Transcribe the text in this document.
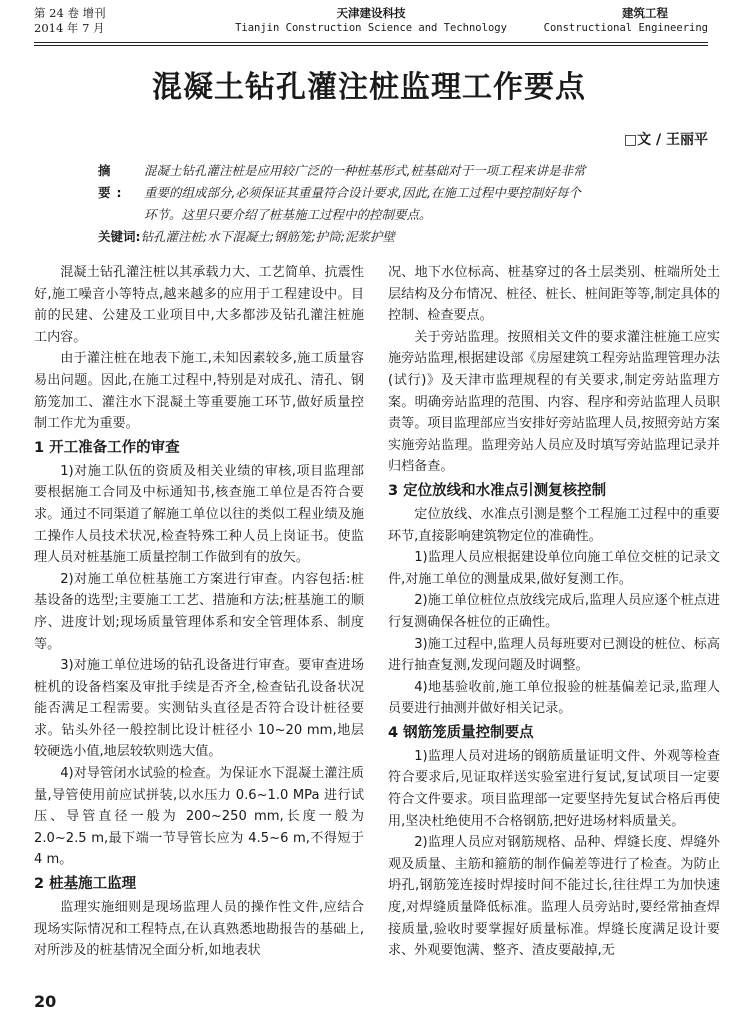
第 24 卷 增刊
2014 年 7 月
天津建设科技
Tianjin Construction Science and Technology
建筑工程
Constructional Engineering
混凝土钻孔灌注桩监理工作要点
□文 / 王丽平
摘 要:
混凝土钻孔灌注桩是应用较广泛的一种桩基形式,桩基础对于一项工程来讲是非常
重要的组成部分,必须保证其重量符合设计要求,因此,在施工过程中要控制好每个
环节。这里只要介绍了桩基施工过程中的控制要点。
关键词: 钻孔灌注桩;水下混凝土;钢筋笼;护筒;泥浆护壁

混凝土钻孔灌注桩以其承载力大、工艺简单、抗震性好,施工噪音小等特点,越来越多的应用于工程建设中。目前的民建、公建及工业项目中,大多都涉及钻孔灌注桩施工内容。

由于灌注桩在地表下施工,未知因素较多,施工质量容易出问题。因此,在施工过程中,特别是对成孔、清孔、钢筋笼加工、灌注水下混凝土等重要施工环节,做好质量控制工作尤为重要。

1 开工准备工作的审查

1)对施工队伍的资质及相关业绩的审核,项目监理部要根据施工合同及中标通知书,核查施工单位是否符合要求。通过不同渠道了解施工单位以往的类似工程业绩及施工操作人员技术状况,检查特殊工种人员上岗证书。使监理人员对桩基施工质量控制工作做到有的放矢。

2)对施工单位桩基施工方案进行审查。内容包括:桩基设备的选型;主要施工工艺、措施和方法;桩基施工的顺序、进度计划;现场质量管理体系和安全管理体系、制度等。

3)对施工单位进场的钻孔设备进行审查。要审查进场桩机的设备档案及审批手续是否齐全,检查钻孔设备状况能否满足工程需要。实测钻头直径是否符合设计桩径要求。钻头外径一般控制比设计桩径小 10~20 mm,地层较硬选小值,地层较软则选大值。

4)对导管闭水试验的检查。为保证水下混凝土灌注质量,导管使用前应试拼装,以水压力 0.6~1.0 MPa 进行试压、导管直径一般为 200~250 mm,长度一般为 2.0~2.5 m,最下端一节导管长应为 4.5~6 m,不得短于 4 m。

2 桩基施工监理

监理实施细则是现场监理人员的操作性文件,应结合现场实际情况和工程特点,在认真熟悉地勘报告的基础上,对所涉及的桩基情况全面分析,如地表状

况、地下水位标高、桩基穿过的各土层类别、桩端所处土层结构及分布情况、桩径、桩长、桩间距等等,制定具体的控制、检查要点。

关于旁站监理。按照相关文件的要求灌注桩施工应实施旁站监理,根据建设部《房屋建筑工程旁站监理管理办法(试行)》及天津市监理规程的有关要求,制定旁站监理方案。明确旁站监理的范围、内容、程序和旁站监理人员职责等。项目监理部应当安排好旁站监理人员,按照旁站方案实施旁站监理。监理旁站人员应及时填写旁站监理记录并归档备查。

3 定位放线和水准点引测复核控制

定位放线、水准点引测是整个工程施工过程中的重要环节,直接影响建筑物定位的准确性。

1)监理人员应根据建设单位向施工单位交桩的记录文件,对施工单位的测量成果,做好复测工作。

2)施工单位桩位点放线完成后,监理人员应逐个桩点进行复测确保各桩位的正确性。

3)施工过程中,监理人员每班要对已测设的桩位、标高进行抽查复测,发现问题及时调整。

4)地基验收前,施工单位报验的桩基偏差记录,监理人员要进行抽测并做好相关记录。

4 钢筋笼质量控制要点

1)监理人员对进场的钢筋质量证明文件、外观等检查符合要求后,见证取样送实验室进行复试,复试项目一定要符合文件要求。项目监理部一定要坚持先复试合格后再使用,坚决杜绝使用不合格钢筋,把好进场材料质量关。

2)监理人员应对钢筋规格、品种、焊缝长度、焊缝外观及质量、主筋和箍筋的制作偏差等进行了检查。为防止坍孔,钢筋笼连接时焊接时间不能过长,往往焊工为加快速度,对焊缝质量降低标准。监理人员旁站时,要经常抽查焊接质量,验收时要掌握好质量标准。焊缝长度满足设计要求、外观要饱满、整齐、渣皮要敲掉,无

20
